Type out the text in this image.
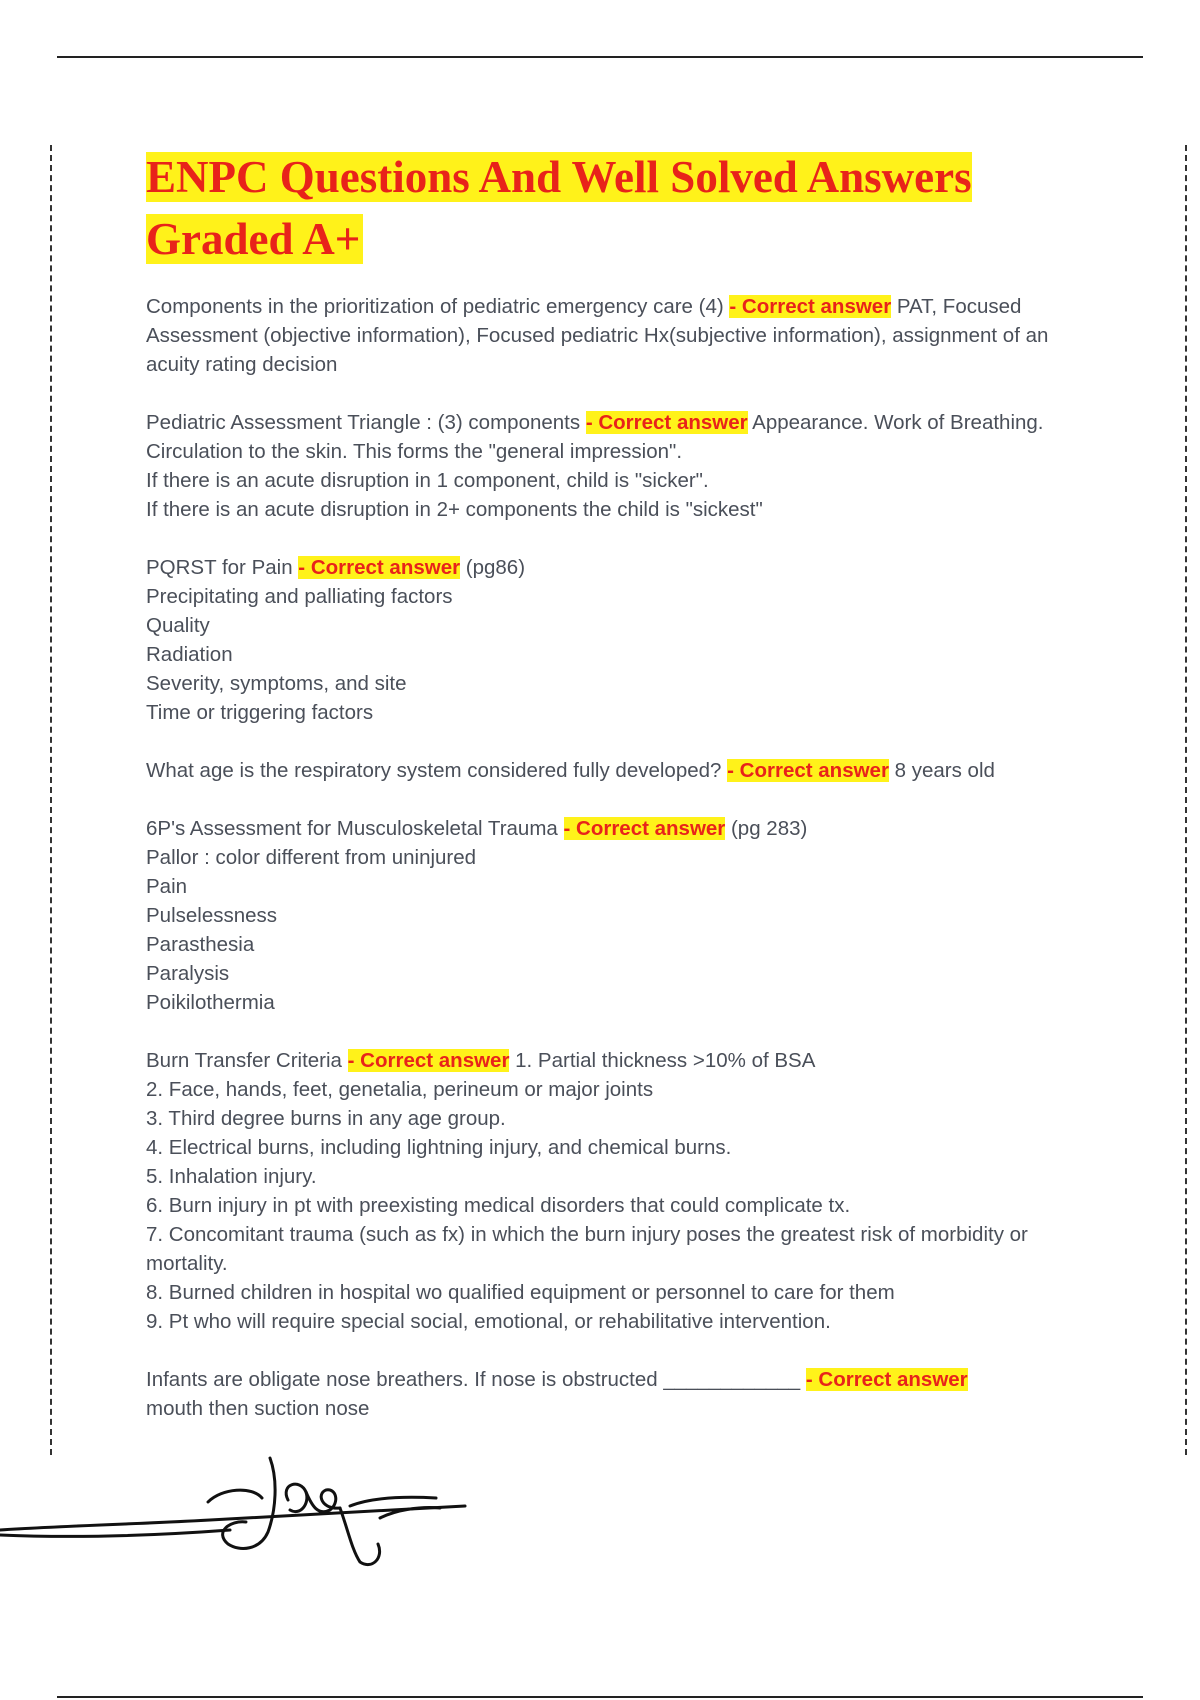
ENPC Questions And Well Solved Answers Graded A+

Components in the prioritization of pediatric emergency care (4) - Correct answer PAT, Focused Assessment (objective information), Focused pediatric Hx(subjective information), assignment of an acuity rating decision

Pediatric Assessment Triangle : (3) components - Correct answer Appearance. Work of Breathing. Circulation to the skin. This forms the "general impression".
If there is an acute disruption in 1 component, child is "sicker".
If there is an acute disruption in 2+ components the child is "sickest"

PQRST for Pain - Correct answer (pg86)
Precipitating and palliating factors
Quality
Radiation
Severity, symptoms, and site
Time or triggering factors

What age is the respiratory system considered fully developed? - Correct answer 8 years old

6P's Assessment for Musculoskeletal Trauma - Correct answer (pg 283)
Pallor : color different from uninjured
Pain
Pulselessness
Parasthesia
Paralysis
Poikilothermia

Burn Transfer Criteria - Correct answer 1. Partial thickness >10% of BSA
2. Face, hands, feet, genetalia, perineum or major joints
3. Third degree burns in any age group.
4. Electrical burns, including lightning injury, and chemical burns.
5. Inhalation injury.
6. Burn injury in pt with preexisting medical disorders that could complicate tx.
7. Concomitant trauma (such as fx) in which the burn injury poses the greatest risk of morbidity or mortality.
8. Burned children in hospital wo qualified equipment or personnel to care for them
9. Pt who will require special social, emotional, or rehabilitative intervention.

Infants are obligate nose breathers. If nose is obstructed ____________ - Correct answer
mouth then suction nose
